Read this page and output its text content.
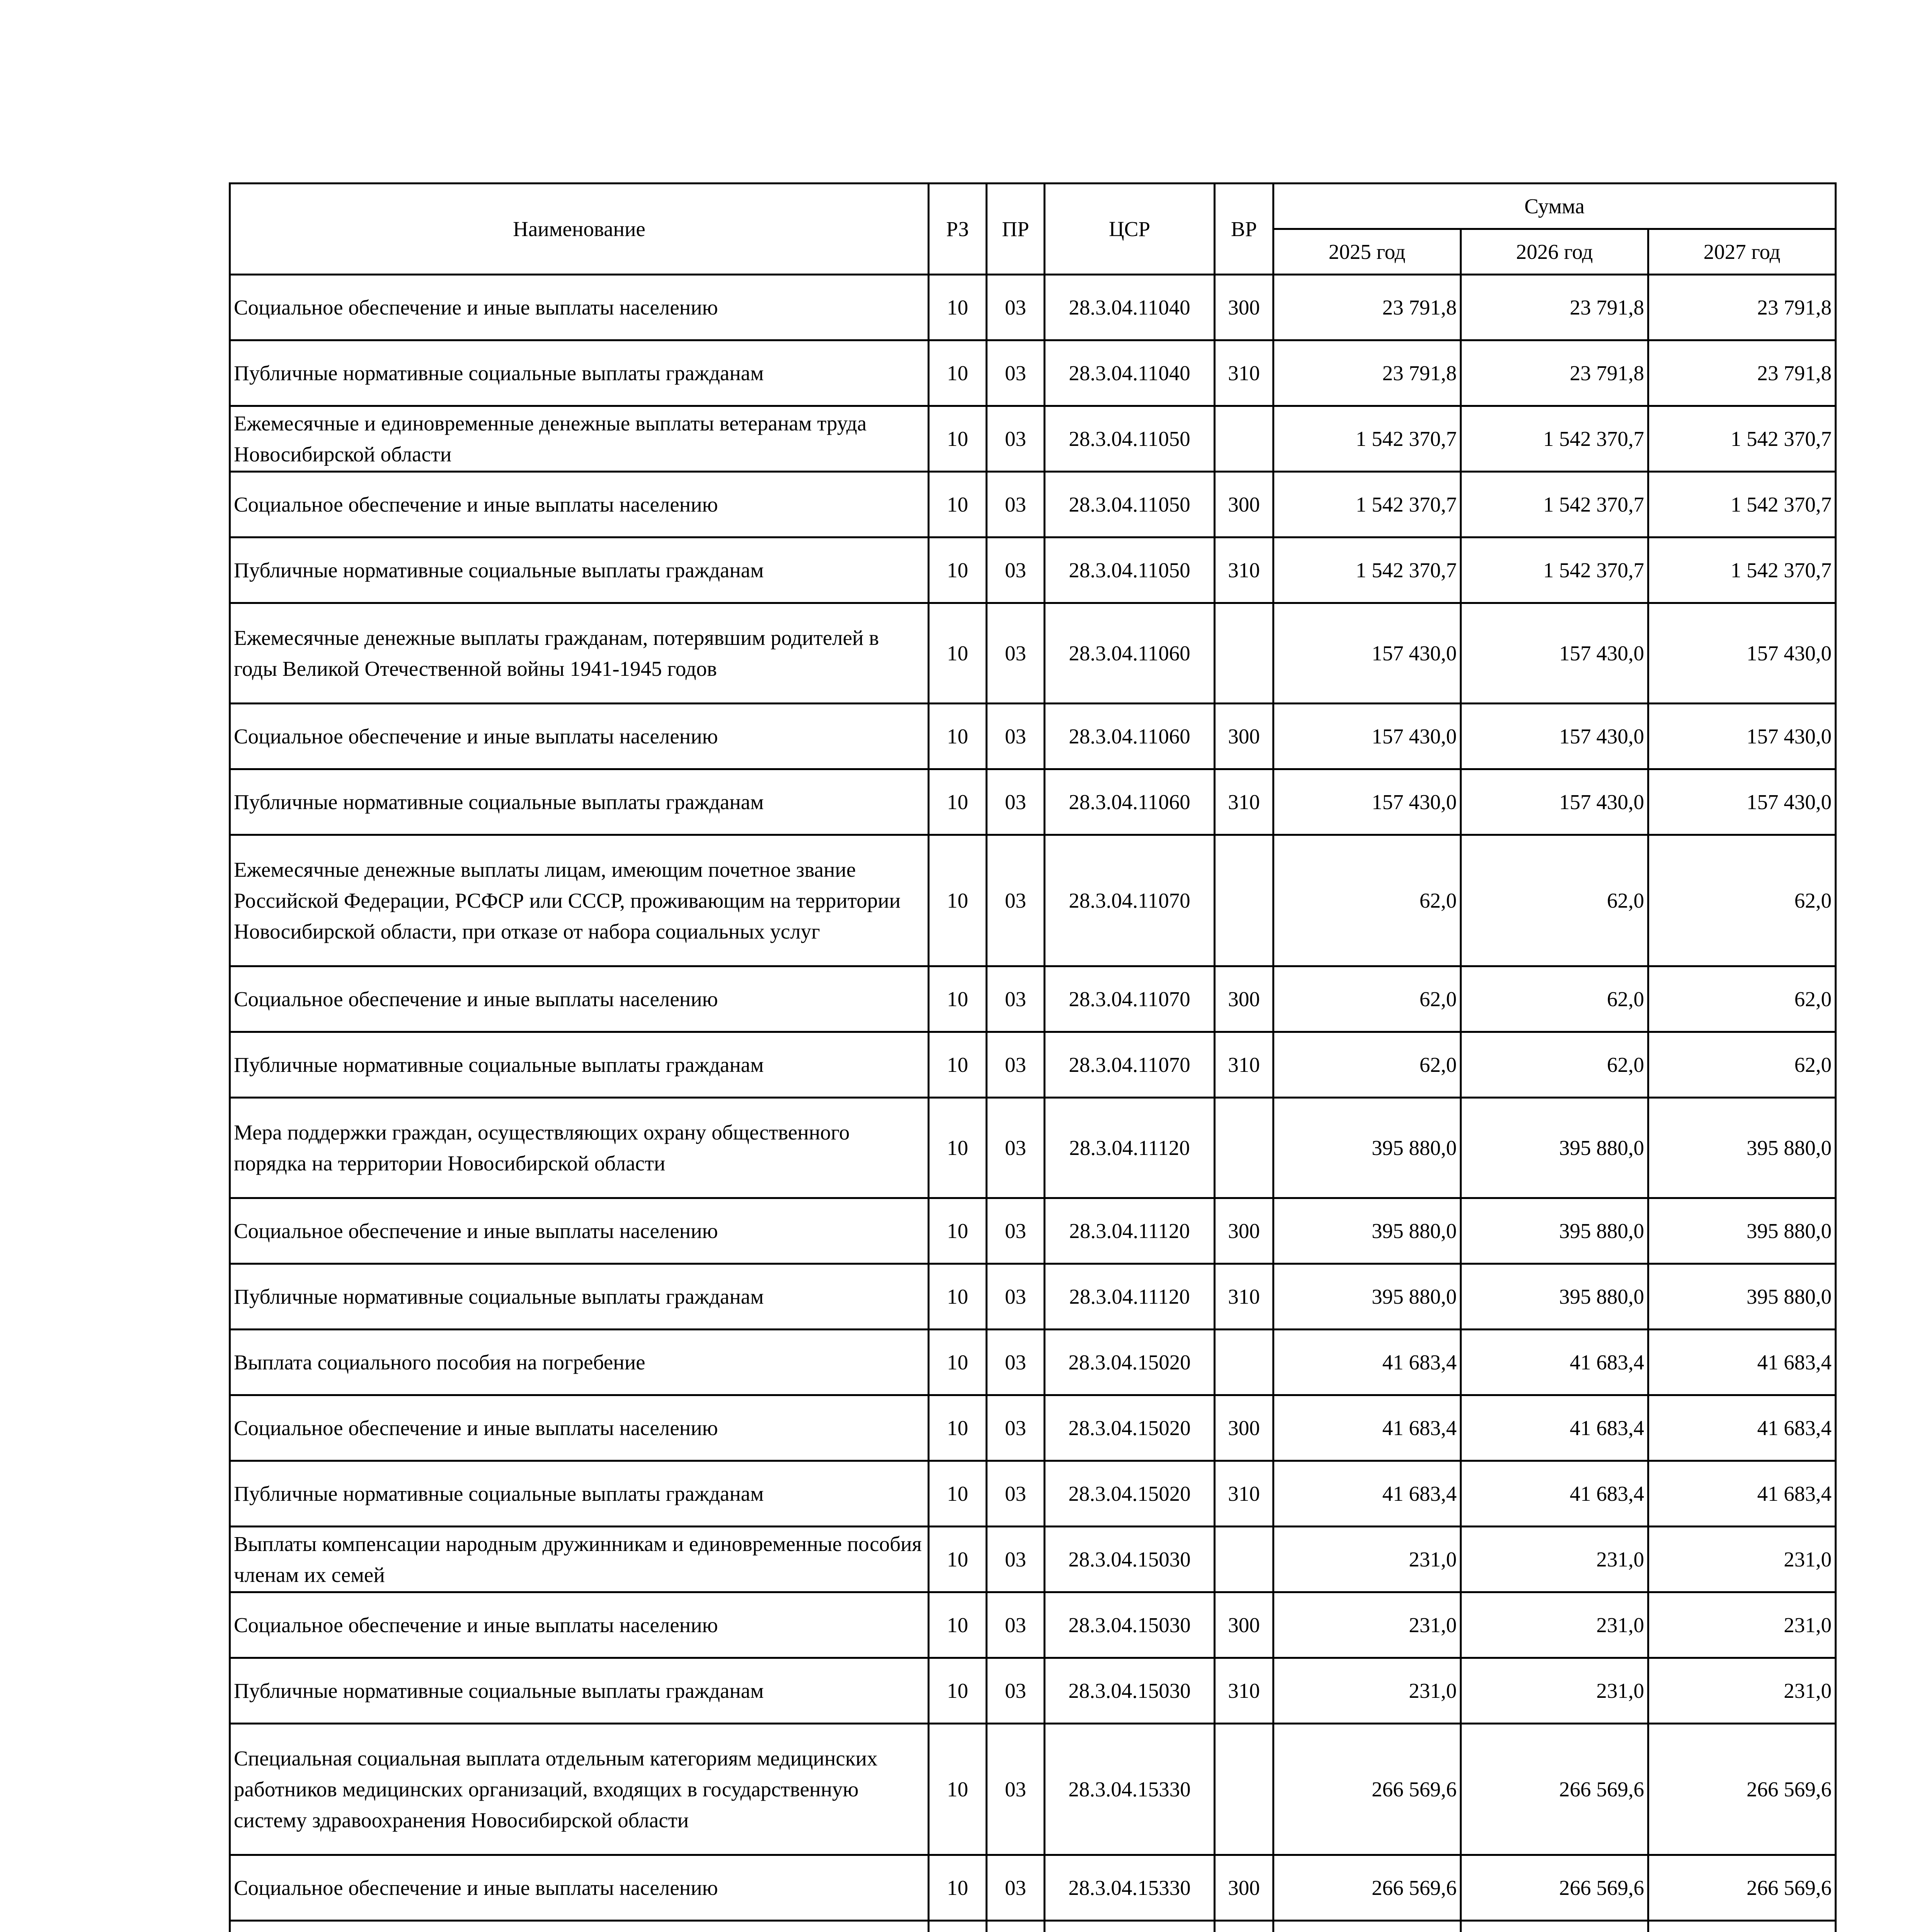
Наименование	РЗ	ПР	ЦСР	ВР	Сумма		
					2025 год	2026 год	2027 год
Социальное обеспечение и иные выплаты населению	10	03	28.3.04.11040	300	23 791,8	23 791,8	23 791,8
Публичные нормативные социальные выплаты гражданам	10	03	28.3.04.11040	310	23 791,8	23 791,8	23 791,8
Ежемесячные и единовременные денежные выплаты ветеранам труда Новосибирской области	10	03	28.3.04.11050		1 542 370,7	1 542 370,7	1 542 370,7
Социальное обеспечение и иные выплаты населению	10	03	28.3.04.11050	300	1 542 370,7	1 542 370,7	1 542 370,7
Публичные нормативные социальные выплаты гражданам	10	03	28.3.04.11050	310	1 542 370,7	1 542 370,7	1 542 370,7
Ежемесячные денежные выплаты гражданам, потерявшим родителей в годы Великой Отечественной войны 1941-1945 годов	10	03	28.3.04.11060		157 430,0	157 430,0	157 430,0
Социальное обеспечение и иные выплаты населению	10	03	28.3.04.11060	300	157 430,0	157 430,0	157 430,0
Публичные нормативные социальные выплаты гражданам	10	03	28.3.04.11060	310	157 430,0	157 430,0	157 430,0
Ежемесячные денежные выплаты лицам, имеющим почетное звание Российской Федерации, РСФСР или СССР, проживающим на территории Новосибирской области, при отказе от набора социальных услуг	10	03	28.3.04.11070		62,0	62,0	62,0
Социальное обеспечение и иные выплаты населению	10	03	28.3.04.11070	300	62,0	62,0	62,0
Публичные нормативные социальные выплаты гражданам	10	03	28.3.04.11070	310	62,0	62,0	62,0
Мера поддержки граждан, осуществляющих охрану общественного порядка на территории Новосибирской области	10	03	28.3.04.11120		395 880,0	395 880,0	395 880,0
Социальное обеспечение и иные выплаты населению	10	03	28.3.04.11120	300	395 880,0	395 880,0	395 880,0
Публичные нормативные социальные выплаты гражданам	10	03	28.3.04.11120	310	395 880,0	395 880,0	395 880,0
Выплата социального пособия на погребение	10	03	28.3.04.15020		41 683,4	41 683,4	41 683,4
Социальное обеспечение и иные выплаты населению	10	03	28.3.04.15020	300	41 683,4	41 683,4	41 683,4
Публичные нормативные социальные выплаты гражданам	10	03	28.3.04.15020	310	41 683,4	41 683,4	41 683,4
Выплаты компенсации народным дружинникам и единовременные пособия членам их семей	10	03	28.3.04.15030		231,0	231,0	231,0
Социальное обеспечение и иные выплаты населению	10	03	28.3.04.15030	300	231,0	231,0	231,0
Публичные нормативные социальные выплаты гражданам	10	03	28.3.04.15030	310	231,0	231,0	231,0
Специальная социальная выплата отдельным категориям медицинских работников медицинских организаций, входящих в государственную систему здравоохранения Новосибирской области	10	03	28.3.04.15330		266 569,6	266 569,6	266 569,6
Социальное обеспечение и иные выплаты населению	10	03	28.3.04.15330	300	266 569,6	266 569,6	266 569,6
